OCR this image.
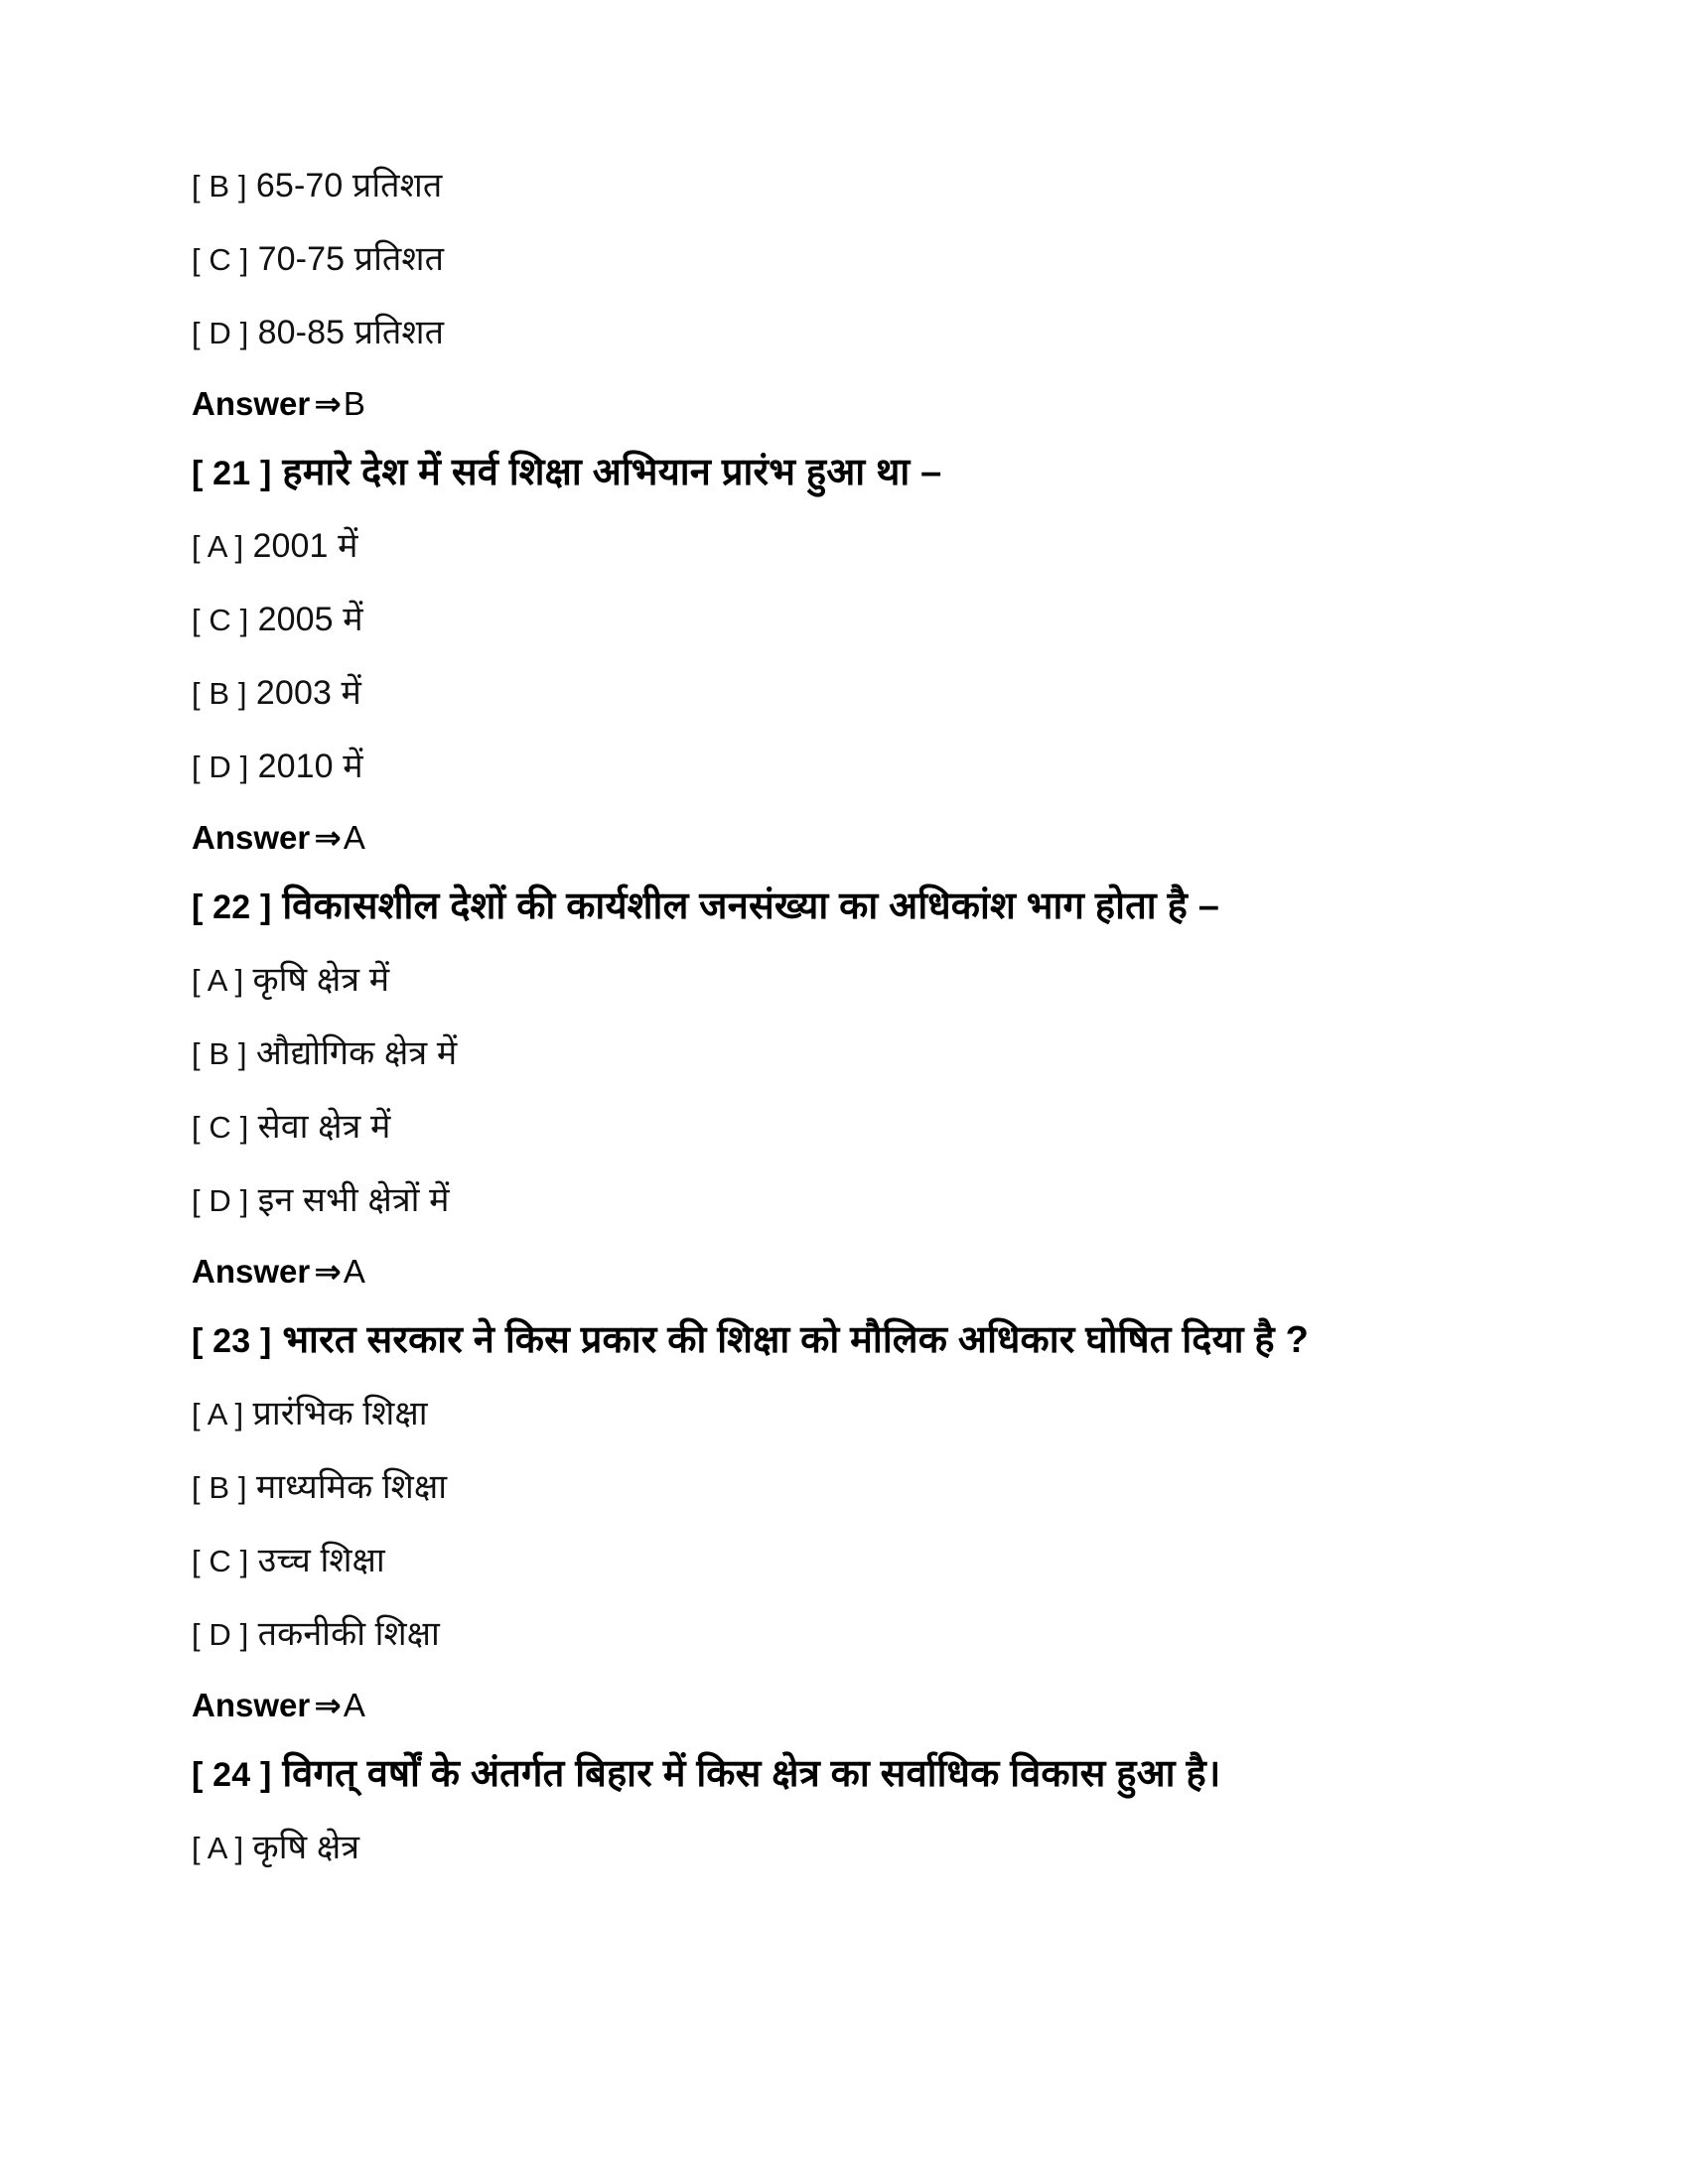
[ B ] 65-70 प्रतिशत
[ C ] 70-75 प्रतिशत
[ D ] 80-85 प्रतिशत
Answer ⇒B
[ 21 ] हमारे देश में सर्व शिक्षा अभियान प्रारंभ हुआ था –
[ A ] 2001 में
[ C ] 2005 में
[ B ] 2003 में
[ D ] 2010 में
Answer ⇒A
[ 22 ] विकासशील देशों की कार्यशील जनसंख्या का अधिकांश भाग होता है –
[ A ] कृषि क्षेत्र में
[ B ] औद्योगिक क्षेत्र में
[ C ] सेवा क्षेत्र में
[ D ] इन सभी क्षेत्रों में
Answer ⇒A
[ 23 ] भारत सरकार ने किस प्रकार की शिक्षा को मौलिक अधिकार घोषित दिया है ?
[ A ] प्रारंभिक शिक्षा
[ B ] माध्यमिक शिक्षा
[ C ] उच्च शिक्षा
[ D ] तकनीकी शिक्षा
Answer ⇒A
[ 24 ] विगत् वर्षों के अंतर्गत बिहार में किस क्षेत्र का सर्वाधिक विकास हुआ है।
[ A ] कृषि क्षेत्र
